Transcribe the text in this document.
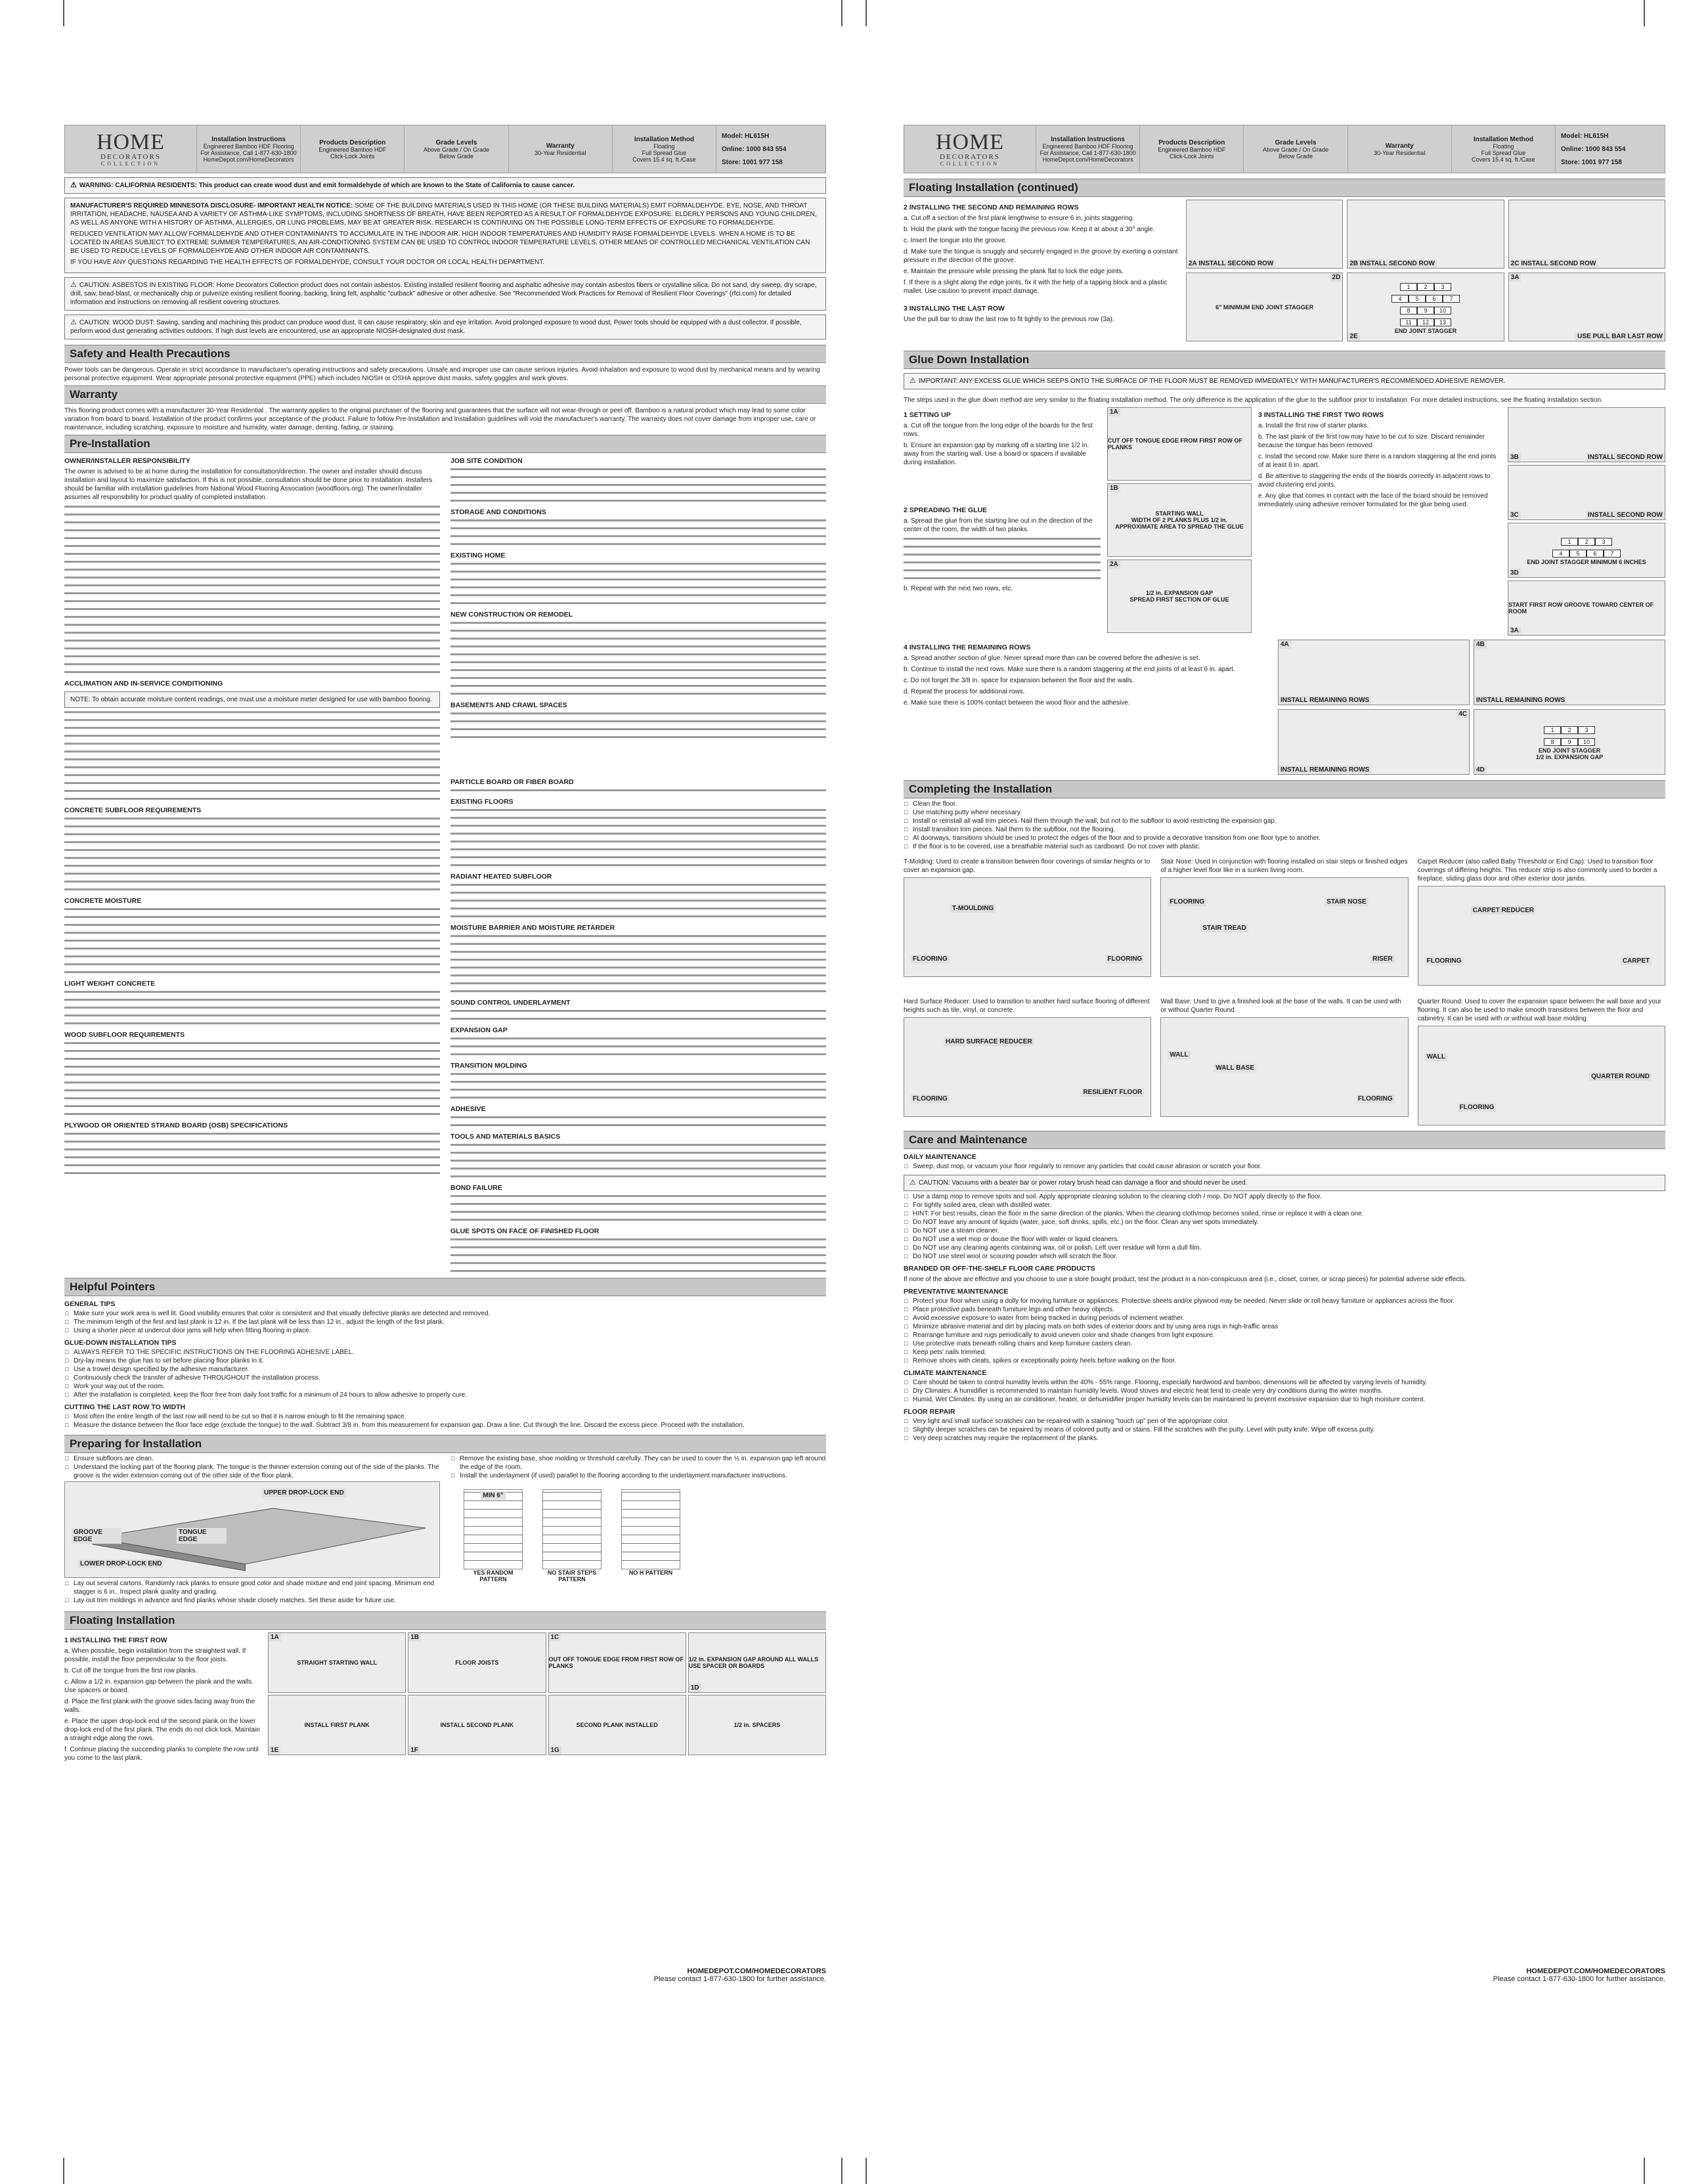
HOME
DECORATORS
COLLECTION
Installation Instructions
Engineered Bamboo HDF Flooring
For Assistance, Call 1-877-630-1800
HomeDepot.com/HomeDecorators
Products Description
Engineered Bamboo HDF
Click-Lock Joints
Grade Levels
Above Grade / On Grade
Below Grade
Warranty
30-Year Residential
Installation Method
Floating
Full Spread Glue
Covers 15.4 sq. ft./Case
Model: HL615H
Online: 1000 843 554
Store: 1001 977 158
⚠ WARNING: CALIFORNIA RESIDENTS: This product can create wood dust and emit formaldehyde of which are known to the State of California to cause cancer.
MANUFACTURER'S REQUIRED MINNESOTA DISCLOSURE- IMPORTANT HEALTH NOTICE: SOME OF THE BUILDING MATERIALS USED IN THIS HOME (OR THESE BUILDING MATERIALS) EMIT FORMALDEHYDE. EYE, NOSE, AND THROAT IRRITATION, HEADACHE, NAUSEA AND A VARIETY OF ASTHMA-LIKE SYMPTOMS, INCLUDING SHORTNESS OF BREATH, HAVE BEEN REPORTED AS A RESULT OF FORMALDEHYDE EXPOSURE. ELDERLY PERSONS AND YOUNG CHILDREN, AS WELL AS ANYONE WITH A HISTORY OF ASTHMA, ALLERGIES, OR LUNG PROBLEMS, MAY BE AT GREATER RISK. RESEARCH IS CONTINUING ON THE POSSIBLE LONG-TERM EFFECTS OF EXPOSURE TO FORMALDEHYDE.
REDUCED VENTILATION MAY ALLOW FORMALDEHYDE AND OTHER CONTAMINANTS TO ACCUMULATE IN THE INDOOR AIR. HIGH INDOOR TEMPERATURES AND HUMIDITY RAISE FORMALDEHYDE LEVELS. WHEN A HOME IS TO BE LOCATED IN AREAS SUBJECT TO EXTREME SUMMER TEMPERATURES, AN AIR-CONDITIONING SYSTEM CAN BE USED TO CONTROL INDOOR TEMPERATURE LEVELS. OTHER MEANS OF CONTROLLED MECHANICAL VENTILATION CAN BE USED TO REDUCE LEVELS OF FORMALDEHYDE AND OTHER INDOOR AIR CONTAMINANTS.
IF YOU HAVE ANY QUESTIONS REGARDING THE HEALTH EFFECTS OF FORMALDEHYDE, CONSULT YOUR DOCTOR OR LOCAL HEALTH DEPARTMENT.
⚠ CAUTION: ASBESTOS IN EXISTING FLOOR: Home Decorators Collection product does not contain asbestos. Existing installed resilient flooring and asphaltic adhesive may contain asbestos fibers or crystalline silica. Do not sand, dry sweep, dry scrape, drill, saw, bead-blast, or mechanically chip or pulverize existing resilient flooring, backing, lining felt, asphaltic "cutback" adhesive or other adhesive. See "Recommended Work Practices for Removal of Resilient Floor Coverings" (rfci.com) for detailed information and instructions on removing all resilient covering structures.
⚠ CAUTION: WOOD DUST: Sawing, sanding and machining this product can produce wood dust. It can cause respiratory, skin and eye irritation. Avoid prolonged exposure to wood dust. Power tools should be equipped with a dust collector. If possible, perform wood dust generating activities outdoors. If high dust levels are encountered, use an appropriate NIOSH-designated dust mask.
Safety and Health Precautions
Power tools can be dangerous. Operate in strict accordance to manufacturer's operating instructions and safety precautions. Unsafe and improper use can cause serious injuries. Avoid inhalation and exposure to wood dust by mechanical means and by wearing personal protective equipment. Wear appropriate personal protective equipment (PPE) which includes NIOSH or OSHA approve dust masks, safety goggles and work gloves.
Warranty
This flooring product comes with a manufacturer 30-Year Residential . The warranty applies to the original purchaser of the flooring and guarantees that the surface will not wear-through or peel off. Bamboo is a natural product which may lead to some color variation from board to board. Installation of the product confirms your acceptance of the product. Failure to follow Pre-Installation and Installation guidelines will void the manufacturer's warranty. The warranty does not cover damage from improper use, care or maintenance, including scratching, exposure to moisture and humidity, water damage, denting, fading, or staining.
Pre-Installation
OWNER/INSTALLER RESPONSIBILITY
The owner is advised to be at home during the installation for consultation/direction. The owner and installer should discuss installation and layout to maximize satisfaction. If this is not possible, consultation should be done prior to installation. Installers should be familiar with installation guidelines from National Wood Flooring Association (woodfloors.org). The owner/installer assumes all responsibility for product quality of completed installation.
ACCLIMATION AND IN-SERVICE CONDITIONING
NOTE: To obtain accurate moisture content readings, one must use a moisture meter designed for use with bamboo flooring.
CONCRETE SUBFLOOR REQUIREMENTS
CONCRETE MOISTURE
LIGHT WEIGHT CONCRETE
WOOD SUBFLOOR REQUIREMENTS
PLYWOOD OR ORIENTED STRAND BOARD (OSB) SPECIFICATIONS
JOB SITE CONDITION
STORAGE AND CONDITIONS
EXISTING HOME
NEW CONSTRUCTION OR REMODEL
BASEMENTS AND CRAWL SPACES
PARTICLE BOARD OR FIBER BOARD
EXISTING FLOORS
RADIANT HEATED SUBFLOOR
MOISTURE BARRIER AND MOISTURE RETARDER
SOUND CONTROL UNDERLAYMENT
EXPANSION GAP
TRANSITION MOLDING
ADHESIVE
TOOLS AND MATERIALS BASICS
BOND FAILURE
GLUE SPOTS ON FACE OF FINISHED FLOOR
Helpful Pointers
GENERAL TIPS
□ Make sure your work area is well lit. Good visibility ensures that color is consistent and that visually defective planks are detected and removed.
□ The minimum length of the first and last plank is 12 in. If the last plank will be less than 12 in., adjust the length of the first plank.
□ Using a shorter piece at undercut door jams will help when fitting flooring in place.
GLUE-DOWN INSTALLATION TIPS
□ ALWAYS REFER TO THE SPECIFIC INSTRUCTIONS ON THE FLOORING ADHESIVE LABEL.
□ Dry-lay means the glue has to set before placing floor planks in it.
□ Use a trowel design specified by the adhesive manufacturer.
□ Continuously check the transfer of adhesive THROUGHOUT the installation process.
□ Work your way out of the room.
□ After the installation is completed, keep the floor free from daily foot traffic for a minimum of 24 hours to allow adhesive to properly cure.
CUTTING THE LAST ROW TO WIDTH
□ Most often the entire length of the last row will need to be cut so that it is narrow enough to fit the remaining space.
□ Measure the distance between the floor face edge (exclude the tongue) to the wall. Subtract 3/8 in. from this measurement for expansion gap. Draw a line. Cut through the line. Discard the excess piece. Proceed with the installation.
Preparing for Installation
□ Ensure subfloors are clean.
□ Understand the locking part of the flooring plank. The tongue is the thinner extension coming out of the side of the planks. The groove is the wider extension coming out of the other side of the floor plank.
UPPER DROP-LOCK END
GROOVE EDGE
TONGUE EDGE
LOWER DROP-LOCK END
□ Lay out several cartons. Randomly rack planks to ensure good color and shade mixture and end joint spacing. Minimum end stagger is 6 in.. Inspect plank quality and grading.
□ Lay out trim moldings in advance and find planks whose shade closely matches. Set these aside for future use.
□ Remove the existing base, shoe molding or threshold carefully. They can be used to cover the ½ in. expansion gap left around the edge of the room.
□ Install the underlayment (if used) parallel to the flooring according to the underlayment manufacturer instructions.
MIN 6"
YES RANDOM PATTERN
NO STAIR STEPS PATTERN
NO H PATTERN
Floating Installation
1 INSTALLING THE FIRST ROW
a. When possible, begin installation from the straightest wall. If possible, install the floor perpendicular to the floor joists.
b. Cut off the tongue from the first row planks.
c. Allow a 1/2 in. expansion gap between the plank and the walls. Use spacers or board.
d. Place the first plank with the groove sides facing away from the walls.
e. Place the upper drop-lock end of the second plank on the lower drop-lock end of the first plank. The ends do not click lock. Maintain a straight edge along the rows.
f. Continue placing the succeeding planks to complete the row until you come to the last plank.
1A
STRAIGHT STARTING WALL
1B
FLOOR JOISTS
1C
OUT OFF TONGUE EDGE FROM FIRST ROW OF PLANKS
1D
1/2 in. EXPANSION GAP AROUND ALL WALLS USE SPACER OR BOARDS
1E
INSTALL FIRST PLANK
1F
INSTALL SECOND PLANK
1G
SECOND PLANK INSTALLED	1/2 in. SPACERS
HOMEDEPOT.COM/HOMEDECORATORS
Please contact 1-877-630-1800 for further assistance.
HOME
DECORATORS
COLLECTION
Installation Instructions
Engineered Bamboo HDF Flooring
For Assistance, Call 1-877-630-1800
HomeDepot.com/HomeDecorators
Products Description
Engineered Bamboo HDF
Click-Lock Joints
Grade Levels
Above Grade / On Grade
Below Grade
Warranty
30-Year Residential
Installation Method
Floating
Full Spread Glue
Covers 15.4 sq. ft./Case
Model: HL615H
Online: 1000 843 554
Store: 1001 977 158
Floating Installation (continued)
2 INSTALLING THE SECOND AND REMAINING ROWS
a. Cut off a section of the first plank lengthwise to ensure 6 in. joints staggering.
b. Hold the plank with the tongue facing the previous row. Keep it at about a 30° angle.
c. Insert the tongue into the groove.
d. Make sure the tongue is snuggly and securely engaged in the groove by exerting a constant pressure in the direction of the groove.
e. Maintain the pressure while pressing the plank flat to lock the edge joints.
f. If there is a slight along the edge joints, fix it with the help of a tapping block and a plastic mallet. Use caution to prevent impact damage.
3 INSTALLING THE LAST ROW
Use the pull bar to draw the last row to fit tightly to the previous row (3a).
2A INSTALL SECOND ROW	2B INSTALL SECOND ROW	2C INSTALL SECOND ROW
2D
6" MINIMUM END JOINT STAGGER
2E
1 2 3
4 5 6 7
8 9 10
11 12 13
END JOINT STAGGER
3A
USE PULL BAR LAST ROW
Glue Down Installation
⚠ IMPORTANT: ANY EXCESS GLUE WHICH SEEPS ONTO THE SURFACE OF THE FLOOR MUST BE REMOVED IMMEDIATELY WITH MANUFACTURER'S RECOMMENDED ADHESIVE REMOVER.
The steps used in the glue down method are very similar to the floating installation method. The only difference is the application of the glue to the subfloor prior to installation. For more detailed instructions, see the floating installation section.
1 SETTING UP
a. Cut off the tongue from the long edge of the boards for the first rows.
b. Ensure an expansion gap by marking off a starting line 1/2 in. away from the starting wall. Use a board or spacers if available during installation.
2 SPREADING THE GLUE
a. Spread the glue from the starting line out in the direction of the center of the room, the width of two planks.
b. Repeat with the next two rows, etc.
1A
CUT OFF TONGUE EDGE FROM FIRST ROW OF PLANKS
1B
STARTING WALL
WIDTH OF 2 PLANKS PLUS 1/2 in.
APPROXIMATE AREA TO SPREAD THE GLUE
2A
1/2 in. EXPANSION GAP
SPREAD FIRST SECTION OF GLUE
3 INSTALLING THE FIRST TWO ROWS
a. Install the first row of starter planks.
b. The last plank of the first row may have to be cut to size. Discard remainder because the tongue has been removed.
c. Install the second row. Make sure there is a random staggering at the end joints of at least 6 in. apart.
d. Be attentive to staggering the ends of the boards correctly in adjacent rows to avoid clustering end joints.
e. Any glue that comes in contact with the face of the board should be removed immediately using adhesive remover formulated for the glue being used.
3B	INSTALL SECOND ROW
3C	INSTALL SECOND ROW
3D
1 2 3
4 5 6 7
END JOINT STAGGER MINIMUM 6 INCHES
3A
START FIRST ROW GROOVE TOWARD CENTER OF ROOM
4 INSTALLING THE REMAINING ROWS
a. Spread another section of glue. Never spread more than can be covered before the adhesive is set.
b. Continue to install the next rows. Make sure there is a random staggering at the end joints of at least 6 in. apart.
c. Do not forget the 3/8 in. space for expansion between the floor and the walls.
d. Repeat the process for additional rows.
e. Make sure there is 100% contact between the wood floor and the adhesive.
4A
INSTALL REMAINING ROWS
4B
INSTALL REMAINING ROWS
4C
INSTALL REMAINING ROWS	4D
1 2 3
8 9 10
END JOINT STAGGER
1/2 in. EXPANSION GAP
Completing the Installation
□ Clean the floor.
□ Use matching putty where necessary.
□ Install or reinstall all wall trim pieces. Nail them through the wall, but not to the subfloor to avoid restricting the expansion gap.
□ Install transition trim pieces. Nail them to the subfloor, not the flooring.
□ At doorways, transitions should be used to protect the edges of the floor and to provide a decorative transition from one floor type to another.
□ If the floor is to be covered, use a breathable material such as cardboard. Do not cover with plastic.
T-Molding: Used to create a transition between floor coverings of similar heights or to cover an expansion gap.
T-MOULDING
FLOORING	FLOORING
Stair Nose: Used in conjunction with flooring installed on stair steps or finished edges of a higher level floor like in a sunken living room.
FLOORING	STAIR NOSE
STAIR TREAD
RISER
Carpet Reducer (also called Baby Threshold or End Cap): Used to transition floor coverings of differing heights. This reducer strip is also commonly used to border a fireplace, sliding glass door and other exterior door jambs.
CARPET REDUCER
FLOORING	CARPET
Hard Surface Reducer: Used to transition to another hard surface flooring of different heights such as tile, vinyl, or concrete.
HARD SURFACE REDUCER
FLOORING
RESILIENT FLOOR
Wall Base: Used to give a finished look at the base of the walls. It can be used with or without Quarter Round.
WALL
WALL BASE
FLOORING
Quarter Round: Used to cover the expansion space between the wall base and your flooring. It can also be used to make smooth transitions between the floor and cabinetry. It can be used with or without wall base molding.
WALL
QUARTER ROUND
FLOORING
Care and Maintenance
DAILY MAINTENANCE
□ Sweep, dust mop, or vacuum your floor regularly to remove any particles that could cause abrasion or scratch your floor.
⚠ CAUTION: Vacuums with a beater bar or power rotary brush head can damage a floor and should never be used.
□ Use a damp mop to remove spots and soil. Apply appropriate cleaning solution to the cleaning cloth / mop. Do NOT apply directly to the floor.
□ For tightly soiled area, clean with distilled water.
□ HINT: For best results, clean the floor in the same direction of the planks. When the cleaning cloth/mop becomes soiled, rinse or replace it with a clean one.
□ Do NOT leave any amount of liquids (water, juice, soft drinks, spills, etc.) on the floor. Clean any wet spots immediately.
□ Do NOT use a steam cleaner.
□ Do NOT use a wet mop or douse the floor with water or liquid cleaners.
□ Do NOT use any cleaning agents containing wax, oil or polish. Left over residue will form a dull film.
□ Do NOT use steel wool or scouring powder which will scratch the floor.
BRANDED OR OFF-THE-SHELF FLOOR CARE PRODUCTS
If none of the above are effective and you choose to use a store bought product, test the product in a non-conspicuous area (i.e., closet, corner, or scrap pieces) for potential adverse side effects.
PREVENTATIVE MAINTENANCE
□ Protect your floor when using a dolly for moving furniture or appliances. Protective sheets and/or plywood may be needed. Never slide or roll heavy furniture or appliances across the floor.
□ Place protective pads beneath furniture legs and other heavy objects.
□ Avoid excessive exposure to water from being tracked in during periods of inclement weather.
□ Minimize abrasive material and dirt by placing mats on both sides of exterior doors and by using area rugs in high-traffic areas
□ Rearrange furniture and rugs periodically to avoid uneven color and shade changes from light exposure.
□ Use protective mats beneath rolling chairs and keep furniture casters clean.
□ Keep pets' nails trimmed.
□ Remove shoes with cleats, spikes or exceptionally pointy heels before walking on the floor.
CLIMATE MAINTENANCE
□ Care should be taken to control humidity levels within the 40% - 55% range. Flooring, especially hardwood and bamboo, dimensions will be affected by varying levels of humidity.
□ Dry Climates: A humidifier is recommended to maintain humidity levels. Wood stoves and electric heat tend to create very dry conditions during the winter months.
□ Humid, Wet Climates: By using an air conditioner, heater, or dehumidifier proper humidity levels can be maintained to prevent excessive expansion due to high moisture content.
FLOOR REPAIR
□ Very light and small surface scratches can be repaired with a staining "touch up" pen of the appropriate color.
□ Slightly deeper scratches can be repaired by means of colored putty and or stains. Fill the scratches with the putty. Level with putty knife. Wipe off excess putty.
□ Very deep scratches may require the replacement of the planks.
HOMEDEPOT.COM/HOMEDECORATORS
Please contact 1-877-630-1800 for further assistance.
